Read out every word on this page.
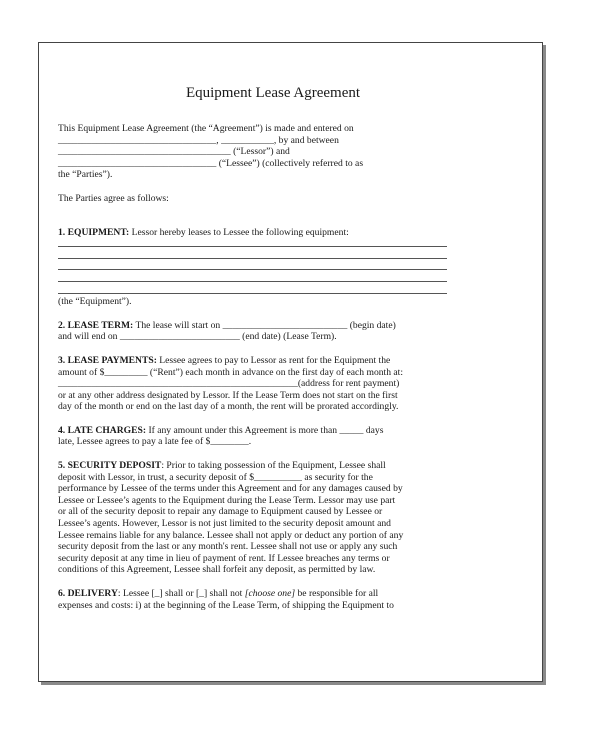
Equipment Lease Agreement
This Equipment Lease Agreement (the “Agreement”) is made and entered on
_________________________________, ___________, by and between
____________________________________ (“Lessor”) and
_________________________________ (“Lessee”) (collectively referred to as
the “Parties”).
The Parties agree as follows:
1. EQUIPMENT: Lessor hereby leases to Lessee the following equipment:
(the “Equipment”).
2. LEASE TERM: The lease will start on __________________________ (begin date)
and will end on _________________________ (end date) (Lease Term).
3. LEASE PAYMENTS: Lessee agrees to pay to Lessor as rent for the Equipment the
amount of $_________ (“Rent”) each month in advance on the first day of each month at:
__________________________________________________(address for rent payment)
or at any other address designated by Lessor. If the Lease Term does not start on the first
day of the month or end on the last day of a month, the rent will be prorated accordingly.
4. LATE CHARGES: If any amount under this Agreement is more than _____ days
late, Lessee agrees to pay a late fee of $________.
5. SECURITY DEPOSIT: Prior to taking possession of the Equipment, Lessee shall
deposit with Lessor, in trust, a security deposit of $__________ as security for the
performance by Lessee of the terms under this Agreement and for any damages caused by
Lessee or Lessee’s agents to the Equipment during the Lease Term. Lessor may use part
or all of the security deposit to repair any damage to Equipment caused by Lessee or
Lessee’s agents. However, Lessor is not just limited to the security deposit amount and
Lessee remains liable for any balance. Lessee shall not apply or deduct any portion of any
security deposit from the last or any month's rent. Lessee shall not use or apply any such
security deposit at any time in lieu of payment of rent. If Lessee breaches any terms or
conditions of this Agreement, Lessee shall forfeit any deposit, as permitted by law.
6. DELIVERY: Lessee [_] shall or [_] shall not [choose one] be responsible for all
expenses and costs: i) at the beginning of the Lease Term, of shipping the Equipment to
